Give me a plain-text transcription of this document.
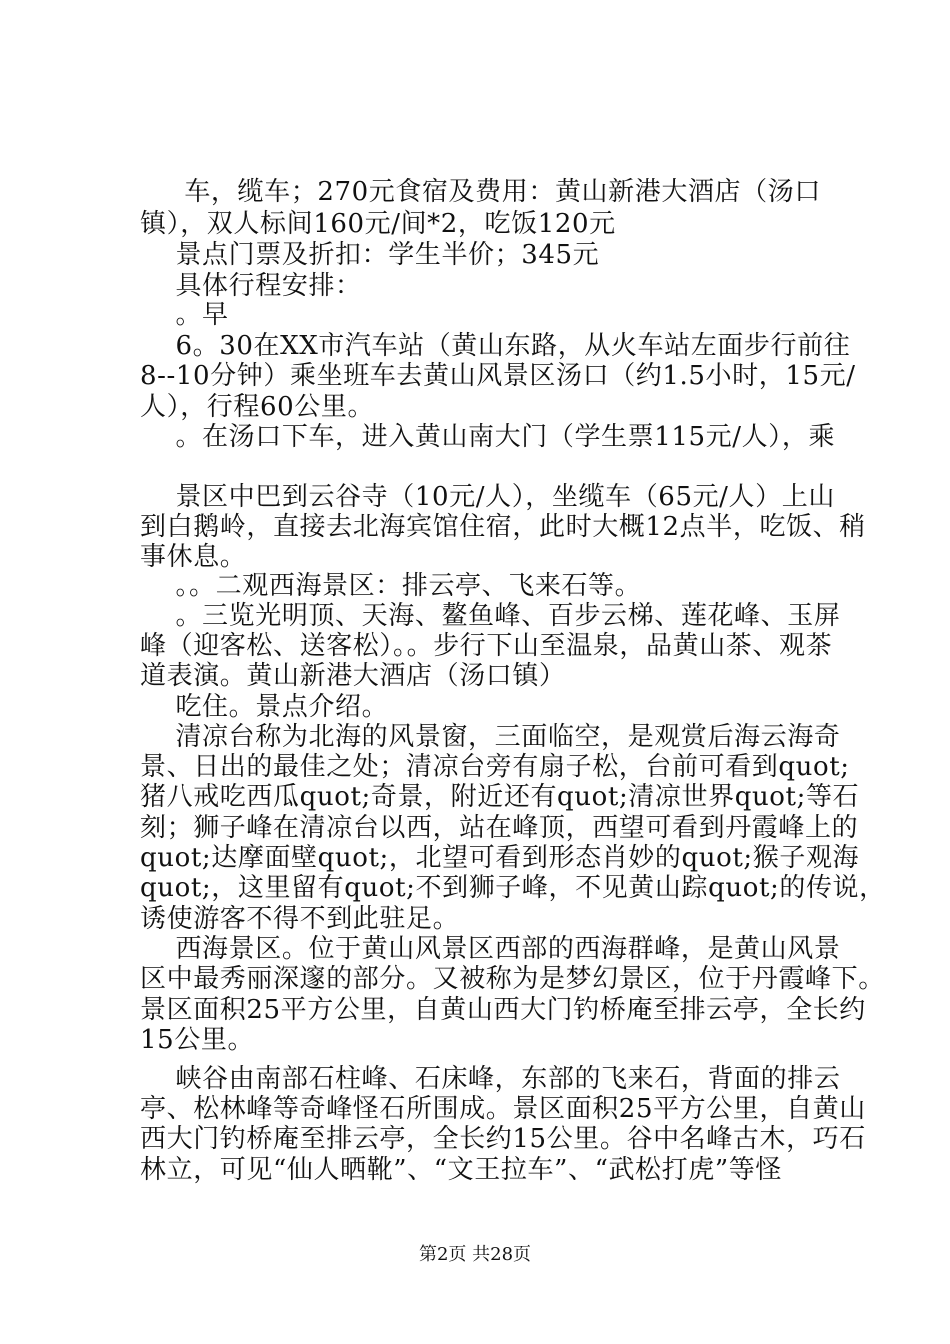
车，缆车；270元食宿及费用：黄山新港大酒店（汤口
镇），双人标间160元/间*2，吃饭120元
景点门票及折扣：学生半价；345元
具体行程安排：
。早
6。30在XX市汽车站（黄山东路，从火车站左面步行前往
8--10分钟）乘坐班车去黄山风景区汤口（约1.5小时，15元/
人），行程60公里。
。在汤口下车，进入黄山南大门（学生票115元/人），乘
景区中巴到云谷寺（10元/人），坐缆车（65元/人）上山
到白鹅岭，直接去北海宾馆住宿，此时大概12点半，吃饭、稍
事休息。
。。二观西海景区：排云亭、飞来石等。
。三览光明顶、天海、鳌鱼峰、百步云梯、莲花峰、玉屏
峰（迎客松、送客松）。。步行下山至温泉，品黄山茶、观茶
道表演。黄山新港大酒店（汤口镇）
吃住。景点介绍。
清凉台称为北海的风景窗，三面临空，是观赏后海云海奇
景、日出的最佳之处；清凉台旁有扇子松，台前可看到quot;
猪八戒吃西瓜quot;奇景，附近还有quot;清凉世界quot;等石
刻；狮子峰在清凉台以西，站在峰顶，西望可看到丹霞峰上的
quot;达摩面壁quot;，北望可看到形态肖妙的quot;猴子观海
quot;，这里留有quot;不到狮子峰，不见黄山踪quot;的传说，
诱使游客不得不到此驻足。
西海景区。位于黄山风景区西部的西海群峰，是黄山风景
区中最秀丽深邃的部分。又被称为是梦幻景区，位于丹霞峰下。
景区面积25平方公里，自黄山西大门钓桥庵至排云亭，全长约
15公里。
峡谷由南部石柱峰、石床峰，东部的飞来石，背面的排云
亭、松林峰等奇峰怪石所围成。景区面积25平方公里，自黄山
西大门钓桥庵至排云亭，全长约15公里。谷中名峰古木，巧石
林立，可见“仙人晒靴”、“文王拉车”、“武松打虎”等怪
第2页 共28页
